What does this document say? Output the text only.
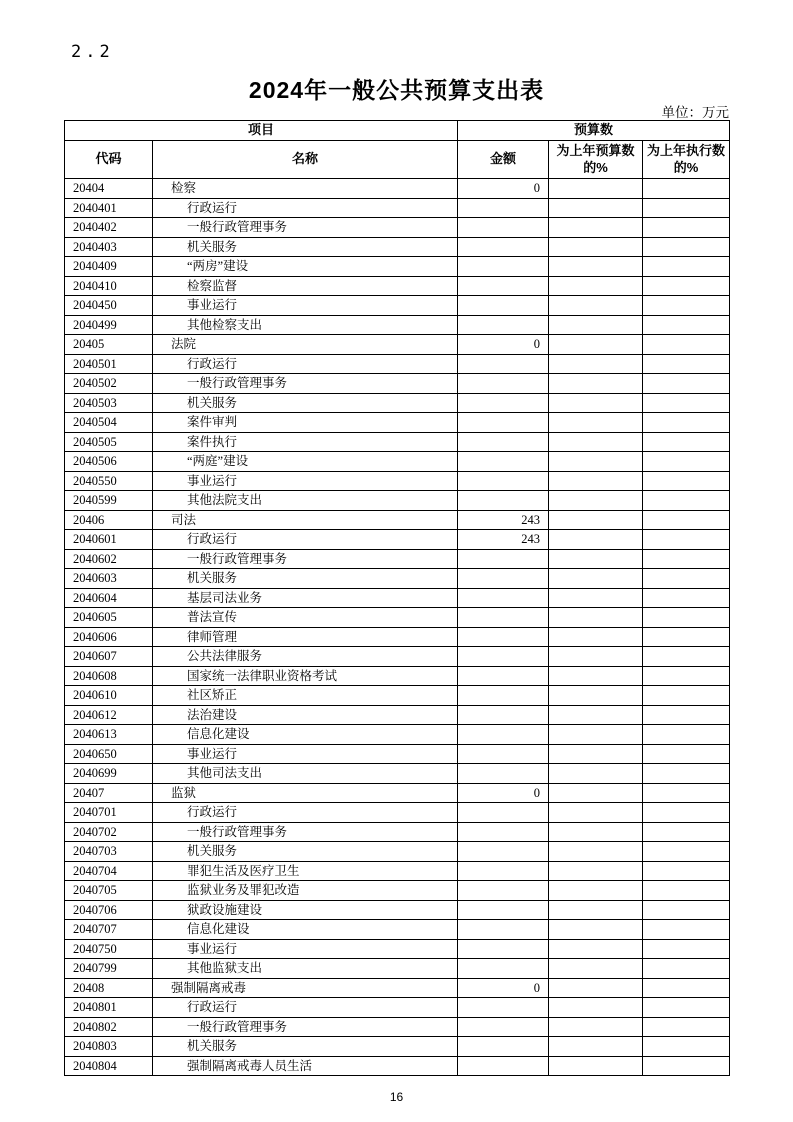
2.2
2024年一般公共预算支出表
单位：万元
项目		预算数		
代码	名称	金额	为上年预算数的%	为上年执行数的%
20404	检察	0		
2040401	行政运行			
2040402	一般行政管理事务			
2040403	机关服务			
2040409	“两房”建设			
2040410	检察监督			
2040450	事业运行			
2040499	其他检察支出			
20405	法院	0		
2040501	行政运行			
2040502	一般行政管理事务			
2040503	机关服务			
2040504	案件审判			
2040505	案件执行			
2040506	“两庭”建设			
2040550	事业运行			
2040599	其他法院支出			
20406	司法	243		
2040601	行政运行	243		
2040602	一般行政管理事务			
2040603	机关服务			
2040604	基层司法业务			
2040605	普法宣传			
2040606	律师管理			
2040607	公共法律服务			
2040608	国家统一法律职业资格考试			
2040610	社区矫正			
2040612	法治建设			
2040613	信息化建设			
2040650	事业运行			
2040699	其他司法支出			
20407	监狱	0		
2040701	行政运行			
2040702	一般行政管理事务			
2040703	机关服务			
2040704	罪犯生活及医疗卫生			
2040705	监狱业务及罪犯改造			
2040706	狱政设施建设			
2040707	信息化建设			
2040750	事业运行			
2040799	其他监狱支出			
20408	强制隔离戒毒	0		
2040801	行政运行			
2040802	一般行政管理事务			
2040803	机关服务			
2040804	强制隔离戒毒人员生活			
16
